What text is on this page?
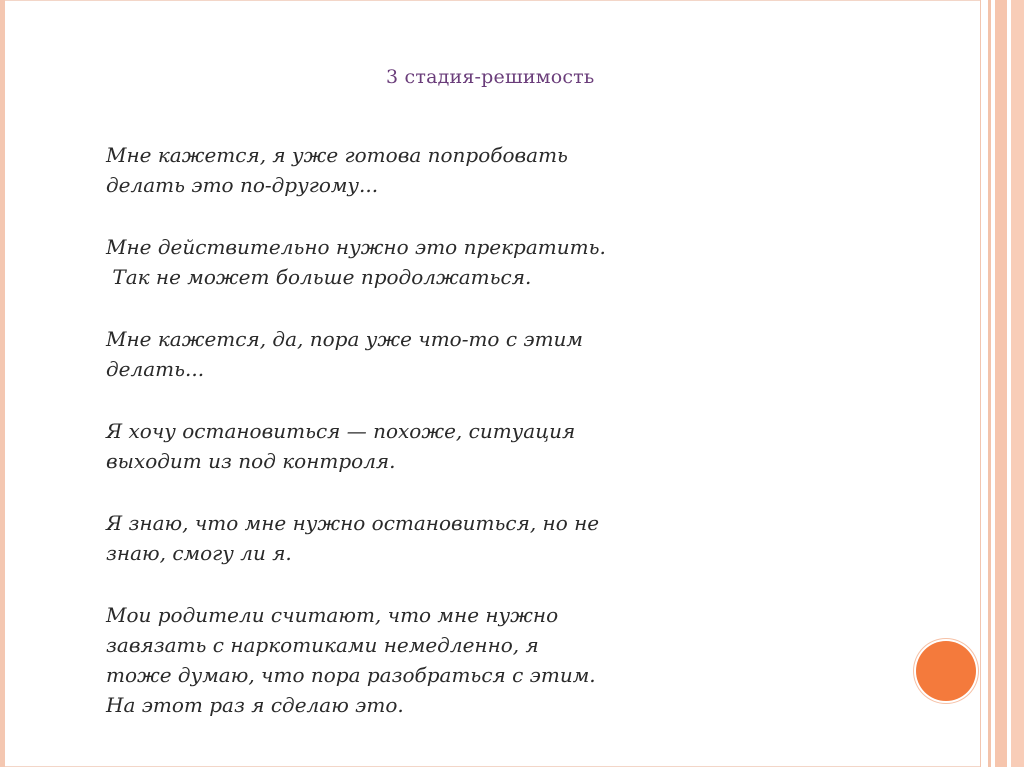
3 стадия-решимость

Мне кажется, я уже готова попробовать
делать это по-другому...

Мне действительно нужно это прекратить.
Так не может больше продолжаться.

Мне кажется, да, пора уже что-то с этим
делать...

Я хочу остановиться — похоже, ситуация
выходит из под контроля.

Я знаю, что мне нужно остановиться, но не
знаю, смогу ли я.

Мои родители считают, что мне нужно
завязать с наркотиками немедленно, я
тоже думаю, что пора разобраться с этим.
На этот раз я сделаю это.
